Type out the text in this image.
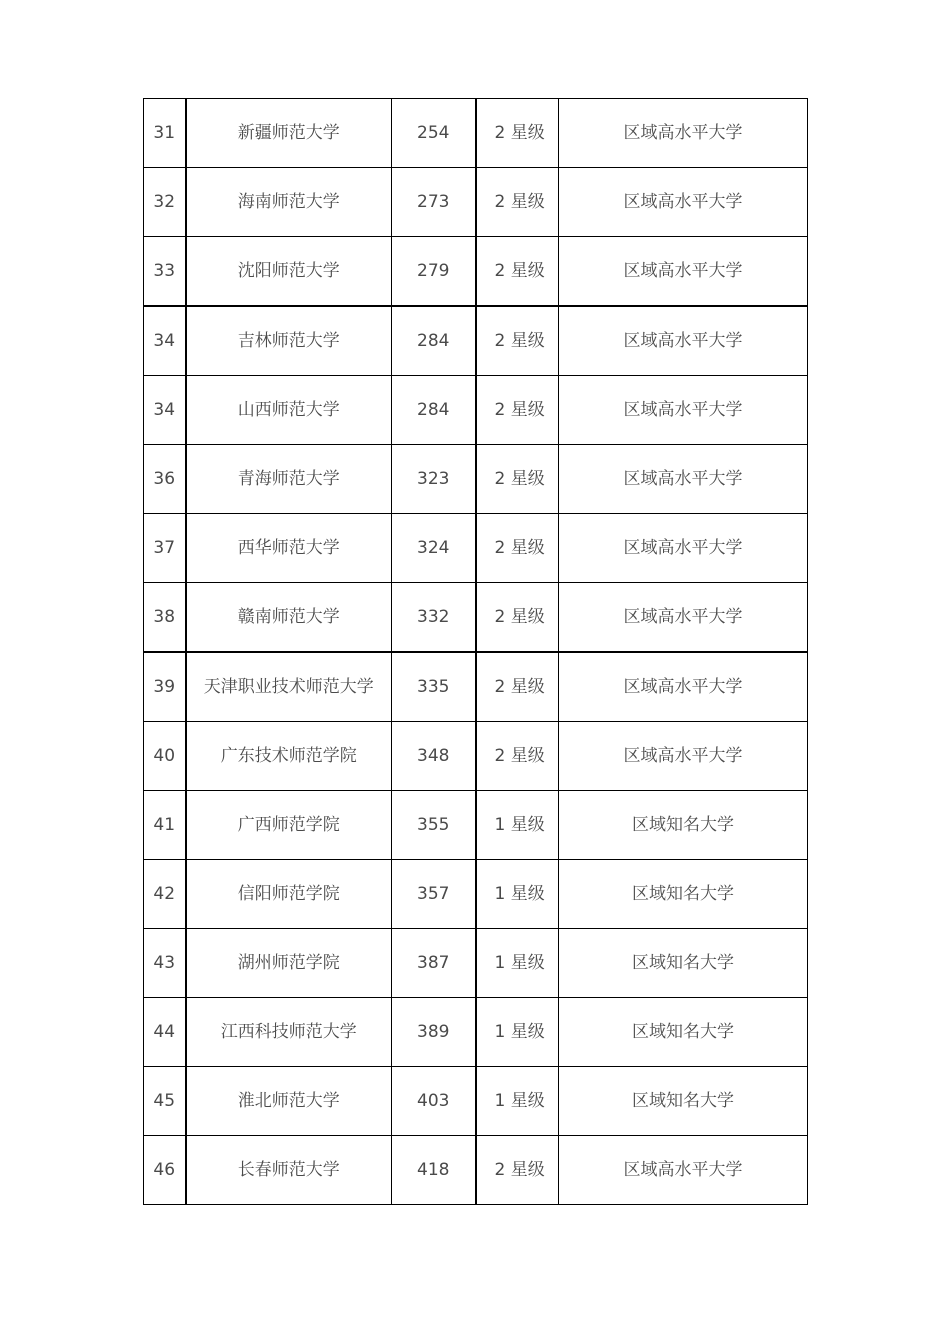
31	新疆师范大学	254	2 星级	区域高水平大学
32	海南师范大学	273	2 星级	区域高水平大学
33	沈阳师范大学	279	2 星级	区域高水平大学
34	吉林师范大学	284	2 星级	区域高水平大学
34	山西师范大学	284	2 星级	区域高水平大学
36	青海师范大学	323	2 星级	区域高水平大学
37	西华师范大学	324	2 星级	区域高水平大学
38	赣南师范大学	332	2 星级	区域高水平大学
39	天津职业技术师范大学	335	2 星级	区域高水平大学
40	广东技术师范学院	348	2 星级	区域高水平大学
41	广西师范学院	355	1 星级	区域知名大学
42	信阳师范学院	357	1 星级	区域知名大学
43	湖州师范学院	387	1 星级	区域知名大学
44	江西科技师范大学	389	1 星级	区域知名大学
45	淮北师范大学	403	1 星级	区域知名大学
46	长春师范大学	418	2 星级	区域高水平大学
